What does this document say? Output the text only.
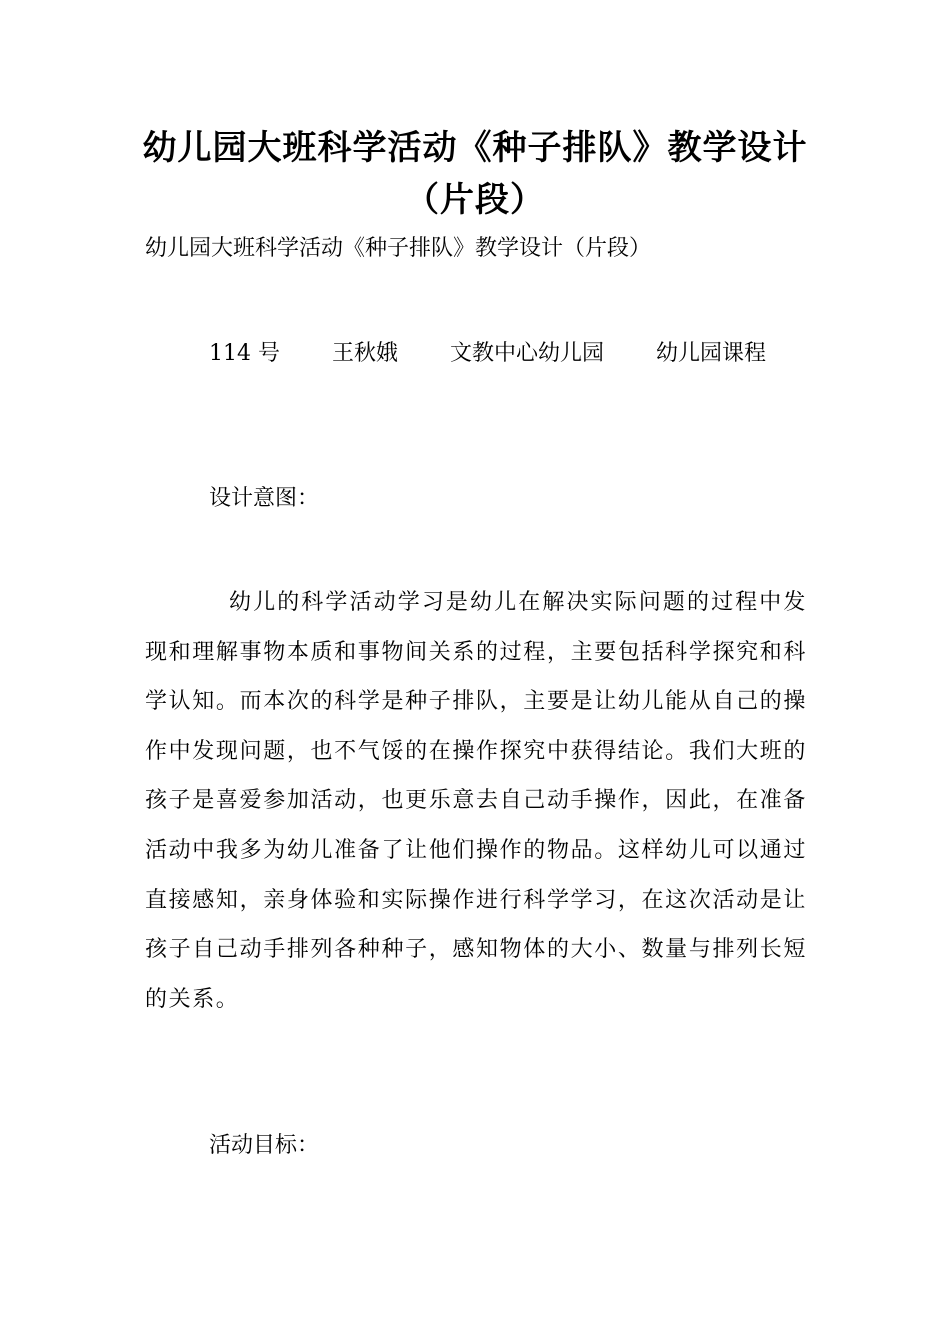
幼儿园大班科学活动《种子排队》教学设计（片段）

幼儿园大班科学活动《种子排队》教学设计（片段）

114 号 王秋娥 文教中心幼儿园 幼儿园课程

设计意图：

幼儿的科学活动学习是幼儿在解决实际问题的过程中发现和理解事物本质和事物间关系的过程，主要包括科学探究和科学认知。而本次的科学是种子排队，主要是让幼儿能从自己的操作中发现问题，也不气馁的在操作探究中获得结论。我们大班的孩子是喜爱参加活动，也更乐意去自己动手操作，因此，在准备活动中我多为幼儿准备了让他们操作的物品。这样幼儿可以通过直接感知，亲身体验和实际操作进行科学学习，在这次活动是让孩子自己动手排列各种种子，感知物体的大小、数量与排列长短的关系。

活动目标：
